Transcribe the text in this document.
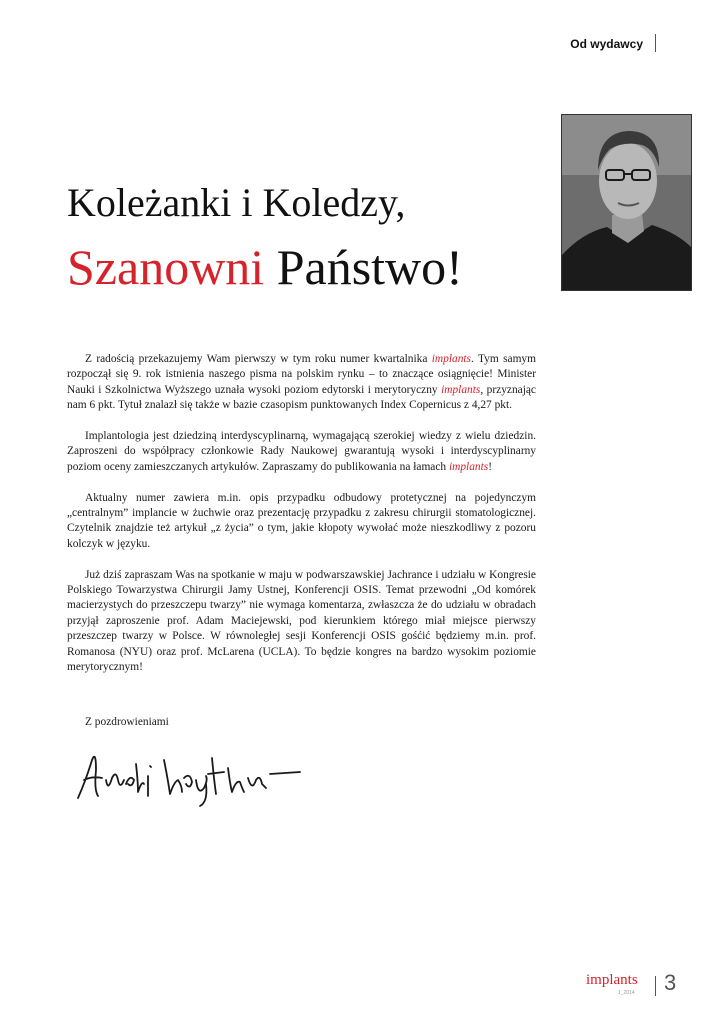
Od wydawcy
Koleżanki i Koledzy,
Szanowni Państwo!

Z radością przekazujemy Wam pierwszy w tym roku numer kwartalnika implants. Tym samym rozpoczął się 9. rok istnienia naszego pisma na polskim rynku – to znaczące osiągnięcie! Minister Nauki i Szkolnictwa Wyższego uznała wysoki poziom edytorski i merytoryczny implants, przyznając nam 6 pkt. Tytuł znalazł się także w bazie czasopism punktowanych Index Copernicus z 4,27 pkt.

Implantologia jest dziedziną interdyscyplinarną, wymagającą szerokiej wiedzy z wielu dziedzin. Zaproszeni do współpracy członkowie Rady Naukowej gwarantują wysoki i interdyscyplinarny poziom oceny zamieszczanych artykułów. Zapraszamy do publikowania na łamach implants!

Aktualny numer zawiera m.in. opis przypadku odbudowy protetycznej na pojedynczym „centralnym” implancie w żuchwie oraz prezentację przypadku z zakresu chirurgii stomatologicznej. Czytelnik znajdzie też artykuł „z życia” o tym, jakie kłopoty wywołać może nieszkodliwy z pozoru kolczyk w języku.

Już dziś zapraszam Was na spotkanie w maju w podwarszawskiej Jachrance i udziału w Kongresie Polskiego Towarzystwa Chirurgii Jamy Ustnej, Konferencji OSIS. Temat przewodni „Od komórek macierzystych do przeszczepu twarzy” nie wymaga komentarza, zwłaszcza że do udziału w obradach przyjął zaproszenie prof. Adam Maciejewski, pod kierunkiem którego miał miejsce pierwszy przeszczep twarzy w Polsce. W równoległej sesji Konferencji OSIS gośćić będziemy m.in. prof. Romanosa (NYU) oraz prof. McLarena (UCLA). To będzie kongres na bardzo wysokim poziomie merytorycznym!

Z pozdrowieniami
implants
1_2014 3
